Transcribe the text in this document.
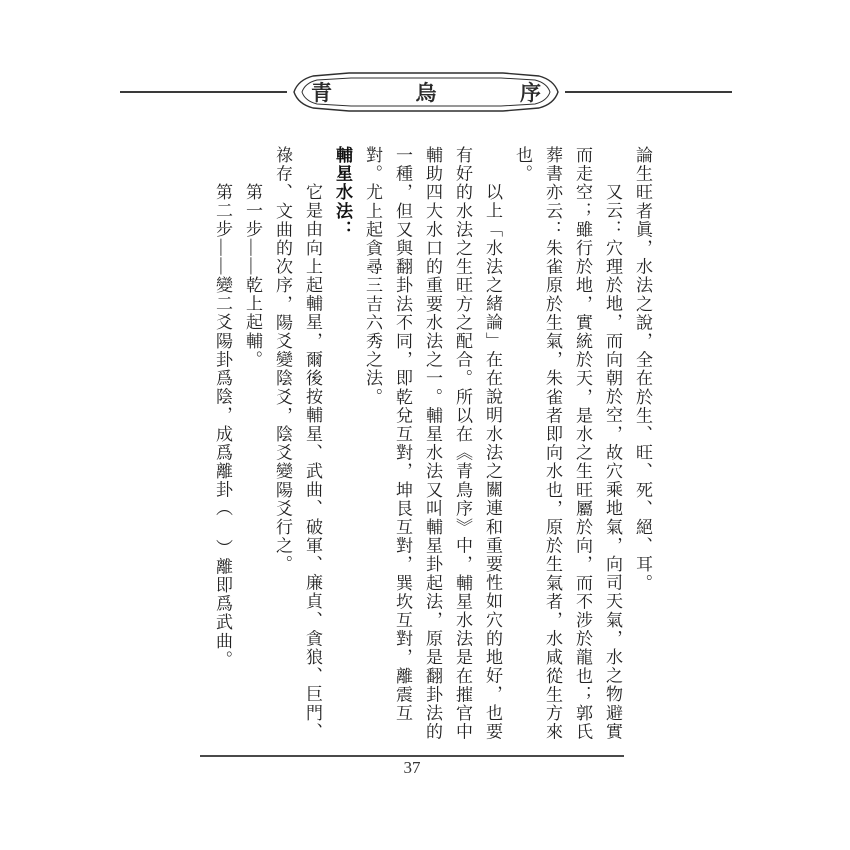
青	烏	序
論生旺者眞，水法之說，全在於生、旺、死、絕、耳。
又云：穴理於地，而向朝於空，故穴乘地氣，向司天氣，水之物避實
而走空；雖行於地，實統於天，是水之生旺屬於向，而不涉於龍也；郭氏
葬書亦云：朱雀原於生氣，朱雀者即向水也，原於生氣者，水咸從生方來
也。
以上「水法之緒論」在在說明水法之關連和重要性如穴的地好，也要
有好的水法之生旺方之配合。所以在《青鳥序》中，輔星水法是在摧官中
輔助四大水口的重要水法之一。輔星水法又叫輔星卦起法，原是翻卦法的
一種，但又與翻卦法不同，即乾兌互對，坤艮互對，巽坎互對，離震互
對。尤上起貪尋三吉六秀之法。
輔星水法：
它是由向上起輔星，爾後按輔星、武曲、破軍、廉貞、貪狼、巨門、
祿存、文曲的次序，陽爻變陰爻，陰爻變陽爻行之。
第一步——乾上起輔。
第二步——變二爻陽卦爲陰，成爲離卦（
）離即爲武曲。
37
